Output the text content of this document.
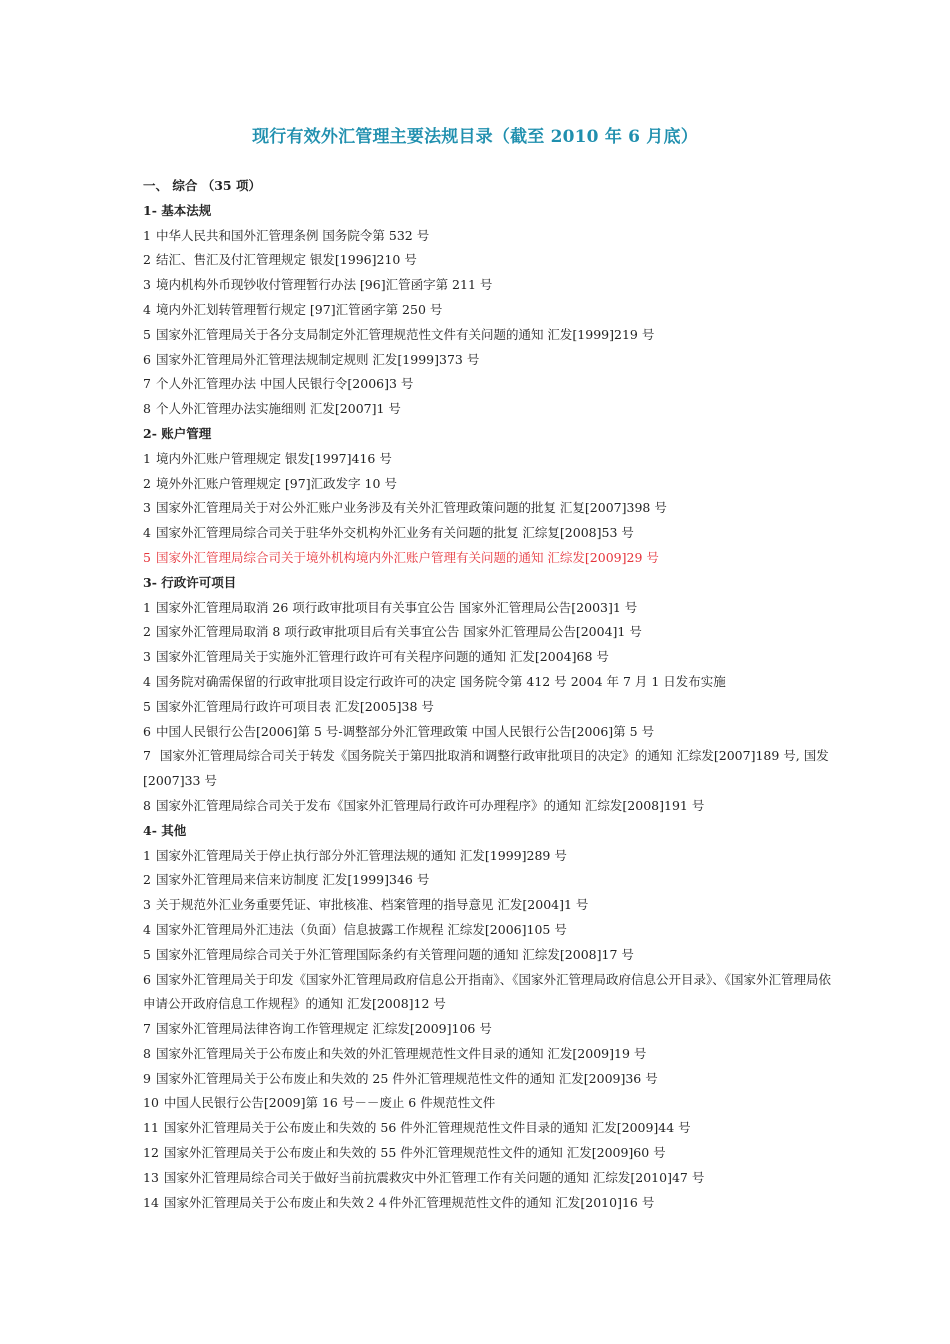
现行有效外汇管理主要法规目录（截至 2010 年 6 月底）
一、 综合 （35 项）
1- 基本法规
1 中华人民共和国外汇管理条例 国务院令第 532 号
2 结汇、售汇及付汇管理规定 银发[1996]210 号
3 境内机构外币现钞收付管理暂行办法 [96]汇管函字第 211 号
4 境内外汇划转管理暂行规定 [97]汇管函字第 250 号
5 国家外汇管理局关于各分支局制定外汇管理规范性文件有关问题的通知 汇发[1999]219 号
6 国家外汇管理局外汇管理法规制定规则 汇发[1999]373 号
7 个人外汇管理办法 中国人民银行令[2006]3 号
8 个人外汇管理办法实施细则 汇发[2007]1 号
2- 账户管理
1 境内外汇账户管理规定 银发[1997]416 号
2 境外外汇账户管理规定 [97]汇政发字 10 号
3 国家外汇管理局关于对公外汇账户业务涉及有关外汇管理政策问题的批复 汇复[2007]398 号
4 国家外汇管理局综合司关于驻华外交机构外汇业务有关问题的批复 汇综复[2008]53 号
5 国家外汇管理局综合司关于境外机构境内外汇账户管理有关问题的通知 汇综发[2009]29 号
3- 行政许可项目
1 国家外汇管理局取消 26 项行政审批项目有关事宜公告 国家外汇管理局公告[2003]1 号
2 国家外汇管理局取消 8 项行政审批项目后有关事宜公告 国家外汇管理局公告[2004]1 号
3 国家外汇管理局关于实施外汇管理行政许可有关程序问题的通知 汇发[2004]68 号
4 国务院对确需保留的行政审批项目设定行政许可的决定 国务院令第 412 号 2004 年 7 月 1 日发布实施
5 国家外汇管理局行政许可项目表 汇发[2005]38 号
6 中国人民银行公告[2006]第 5 号-调整部分外汇管理政策 中国人民银行公告[2006]第 5 号
7 国家外汇管理局综合司关于转发《国务院关于第四批取消和调整行政审批项目的决定》的通知 汇综发[2007]189 号, 国发[2007]33 号
8 国家外汇管理局综合司关于发布《国家外汇管理局行政许可办理程序》的通知 汇综发[2008]191 号
4- 其他
1 国家外汇管理局关于停止执行部分外汇管理法规的通知 汇发[1999]289 号
2 国家外汇管理局来信来访制度 汇发[1999]346 号
3 关于规范外汇业务重要凭证、审批核准、档案管理的指导意见 汇发[2004]1 号
4 国家外汇管理局外汇违法（负面）信息披露工作规程 汇综发[2006]105 号
5 国家外汇管理局综合司关于外汇管理国际条约有关管理问题的通知 汇综发[2008]17 号
6 国家外汇管理局关于印发《国家外汇管理局政府信息公开指南》、《国家外汇管理局政府信息公开目录》、《国家外汇管理局依申请公开政府信息工作规程》的通知 汇发[2008]12 号
7 国家外汇管理局法律咨询工作管理规定 汇综发[2009]106 号
8 国家外汇管理局关于公布废止和失效的外汇管理规范性文件目录的通知 汇发[2009]19 号
9 国家外汇管理局关于公布废止和失效的 25 件外汇管理规范性文件的通知 汇发[2009]36 号
10 中国人民银行公告[2009]第 16 号－－废止 6 件规范性文件
11 国家外汇管理局关于公布废止和失效的 56 件外汇管理规范性文件目录的通知 汇发[2009]44 号
12 国家外汇管理局关于公布废止和失效的 55 件外汇管理规范性文件的通知 汇发[2009]60 号
13 国家外汇管理局综合司关于做好当前抗震救灾中外汇管理工作有关问题的通知 汇综发[2010]47 号
14 国家外汇管理局关于公布废止和失效２４件外汇管理规范性文件的通知 汇发[2010]16 号
